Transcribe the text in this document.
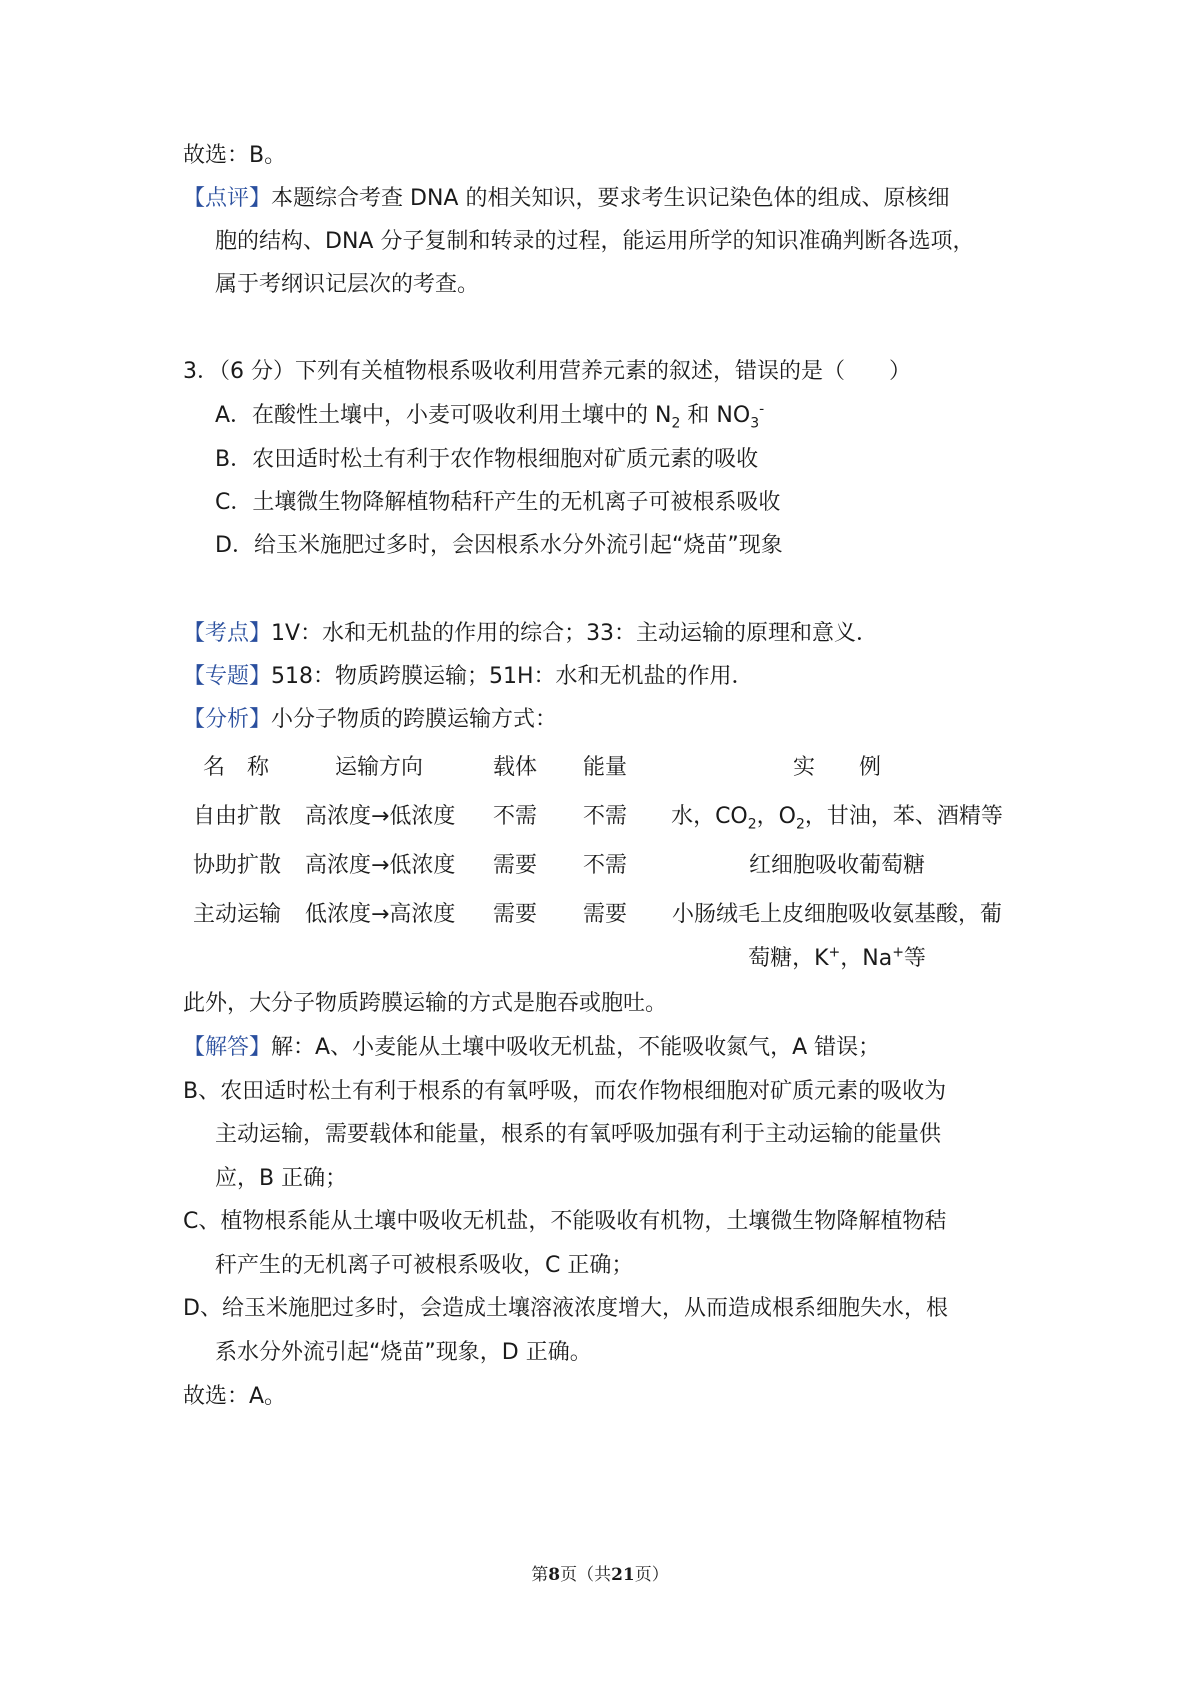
故选：B。
【点评】本题综合考查 DNA 的相关知识，要求考生识记染色体的组成、原核细
胞的结构、DNA 分子复制和转录的过程，能运用所学的知识准确判断各选项，
属于考纲识记层次的考查。
3．（6 分）下列有关植物根系吸收利用营养元素的叙述，错误的是（　　）
A．在酸性土壤中，小麦可吸收利用土壤中的 $N_2$ 和 $NO_3^-$
B．农田适时松土有利于农作物根细胞对矿质元素的吸收
C．土壤微生物降解植物秸秆产生的无机离子可被根系吸收
D．给玉米施肥过多时，会因根系水分外流引起“烧苗”现象
【考点】1V：水和无机盐的作用的综合；33：主动运输的原理和意义．
【专题】518：物质跨膜运输；51H：水和无机盐的作用．
【分析】小分子物质的跨膜运输方式：
名　称	运输方向	载体 能量	实　　例
自由扩散 高浓度→低浓度 不需 不需	水，$CO_2$，$O_2$，甘油，苯、酒精等
协助扩散 高浓度→低浓度 需要 不需	红细胞吸收葡萄糖
主动运输 低浓度→高浓度 需要 需要	小肠绒毛上皮细胞吸收氨基酸，葡
萄糖，K+，Na+等
此外，大分子物质跨膜运输的方式是胞吞或胞吐。
【解答】解：A、小麦能从土壤中吸收无机盐，不能吸收氮气，A 错误；
B、农田适时松土有利于根系的有氧呼吸，而农作物根细胞对矿质元素的吸收为
主动运输，需要载体和能量，根系的有氧呼吸加强有利于主动运输的能量供
应，B 正确；
C、植物根系能从土壤中吸收无机盐，不能吸收有机物，土壤微生物降解植物秸
秆产生的无机离子可被根系吸收，C 正确；
D、给玉米施肥过多时，会造成土壤溶液浓度增大，从而造成根系细胞失水，根
系水分外流引起“烧苗”现象，D 正确。
故选：A。
第8页（共21页）
